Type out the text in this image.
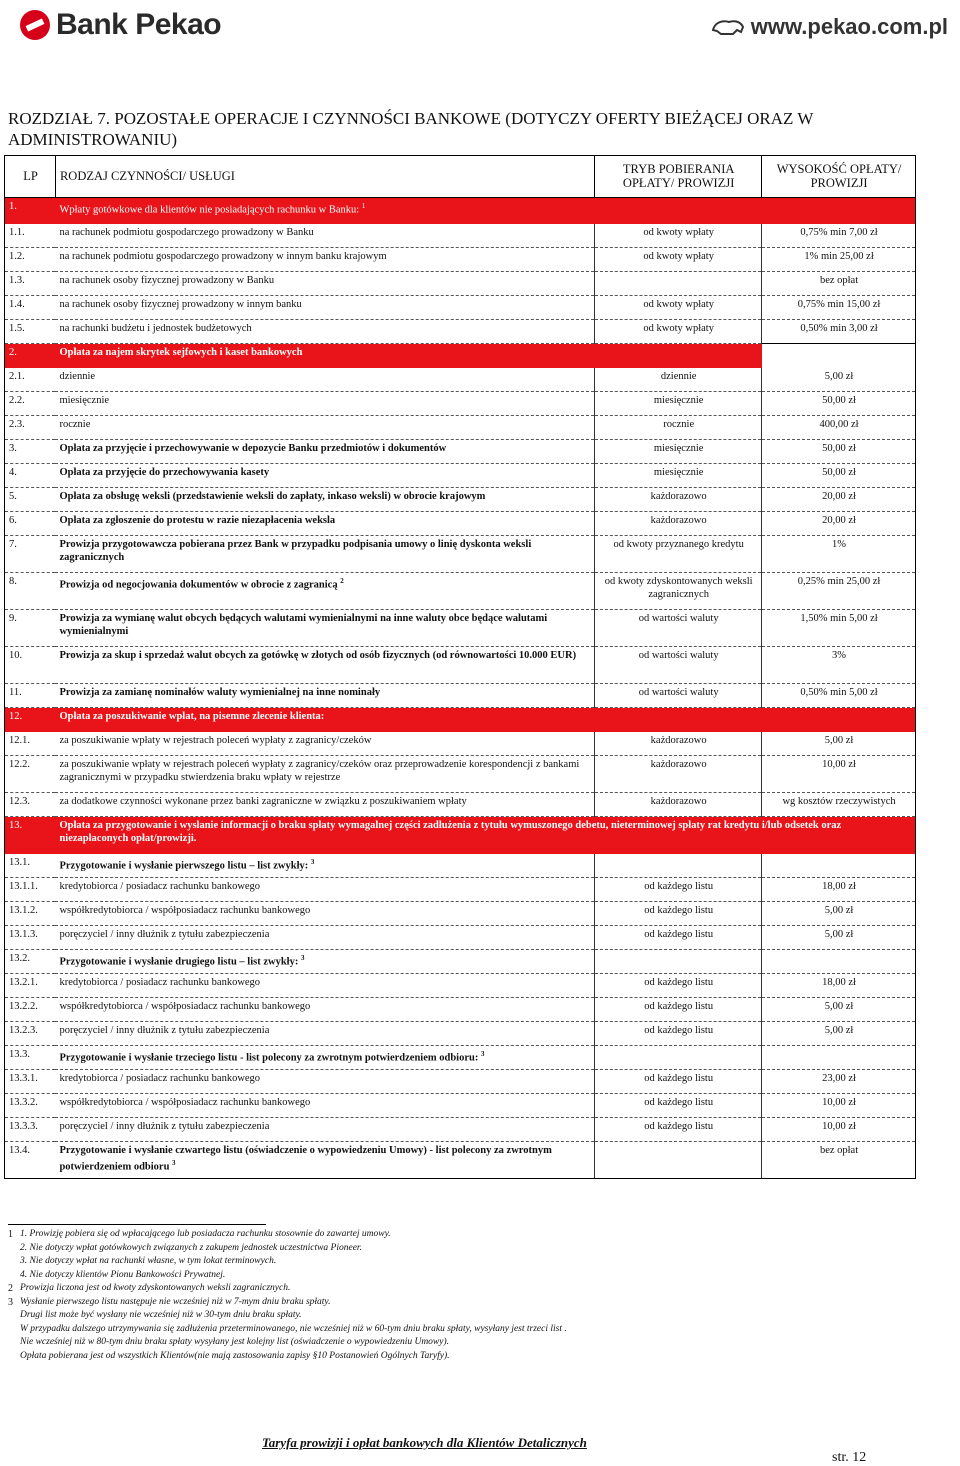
Bank Pekao	www.pekao.com.pl
ROZDZIAŁ 7. POZOSTAŁE OPERACJE I CZYNNOŚCI BANKOWE (DOTYCZY OFERTY BIEŻĄCEJ ORAZ W ADMINISTROWANIU)
LP	RODZAJ CZYNNOŚCI/ USŁUGI	TRYB POBIERANIA OPŁATY/ PROWIZJI	WYSOKOŚĆ OPŁATY/ PROWIZJI
1.	Wpłaty gotówkowe dla klientów nie posiadających rachunku w Banku: $^1$		
1.1.	na rachunek podmiotu gospodarczego prowadzony w Banku	od kwoty wpłaty	0,75% min 7,00 zł
1.2.	na rachunek podmiotu gospodarczego prowadzony w innym banku krajowym	od kwoty wpłaty	1% min 25,00 zł
1.3.	na rachunek osoby fizycznej prowadzony w Banku		bez opłat
1.4.	na rachunek osoby fizycznej prowadzony w innym banku	od kwoty wpłaty	0,75% min 15,00 zł
1.5.	na rachunki budżetu i jednostek budżetowych	od kwoty wpłaty	0,50% min 3,00 zł
2.	Opłata za najem skrytek sejfowych i kaset bankowych		
2.1.	dziennie	dziennie	5,00 zł
2.2.	miesięcznie	miesięcznie	50,00 zł
2.3.	rocznie	rocznie	400,00 zł
3.	Opłata za przyjęcie i przechowywanie w depozycie Banku przedmiotów i dokumentów	miesięcznie	50,00 zł
4.	Opłata za przyjęcie do przechowywania kasety	miesięcznie	50,00 zł
5.	Opłata za obsługę weksli (przedstawienie weksli do zapłaty, inkaso weksli) w obrocie krajowym	każdorazowo	20,00 zł
6.	Opłata za zgłoszenie do protestu w razie niezapłacenia weksla	każdorazowo	20,00 zł
7.	Prowizja przygotowawcza pobierana przez Bank w przypadku podpisania umowy o linię dyskonta weksli zagranicznych	od kwoty przyznanego kredytu	1%
8.	Prowizja od negocjowania dokumentów w obrocie z zagranicą $^2$	od kwoty zdyskontowanych weksli zagranicznych	0,25% min 25,00 zł
9.	Prowizja za wymianę walut obcych będących walutami wymienialnymi na inne waluty obce będące walutami wymienialnymi	od wartości waluty	1,50% min 5,00 zł
10.	Prowizja za skup i sprzedaż walut obcych za gotówkę w złotych od osób fizycznych (od równowartości 10.000 EUR)	od wartości waluty	3%
11.	Prowizja za zamianę nominałów waluty wymienialnej na inne nominały	od wartości waluty	0,50% min 5,00 zł
12.	Opłata za poszukiwanie wpłat, na pisemne zlecenie klienta:		
12.1.	za poszukiwanie wpłaty w rejestrach poleceń wypłaty z zagranicy/czeków	każdorazowo	5,00 zł
12.2.	za poszukiwanie wpłaty w rejestrach poleceń wypłaty z zagranicy/czeków oraz przeprowadzenie korespondencji z bankami zagranicznymi w przypadku stwierdzenia braku wpłaty w rejestrze	każdorazowo	10,00 zł
12.3.	za dodatkowe czynności wykonane przez banki zagraniczne w związku z poszukiwaniem wpłaty	każdorazowo	wg kosztów rzeczywistych
13.	Opłata za przygotowanie i wysłanie informacji o braku spłaty wymagalnej części zadłużenia z tytułu wymuszonego debetu, nieterminowej spłaty rat kredytu i/lub odsetek oraz niezapłaconych opłat/prowizji.		
13.1.	Przygotowanie i wysłanie pierwszego listu – list zwykły: $^3$		
13.1.1.	kredytobiorca / posiadacz rachunku bankowego	od każdego listu	18,00 zł
13.1.2.	współkredytobiorca / współposiadacz rachunku bankowego	od każdego listu	5,00 zł
13.1.3.	poręczyciel / inny dłużnik z tytułu zabezpieczenia	od każdego listu	5,00 zł
13.2.	Przygotowanie i wysłanie drugiego listu – list zwykły: $^3$		
13.2.1.	kredytobiorca / posiadacz rachunku bankowego	od każdego listu	18,00 zł
13.2.2.	współkredytobiorca / współposiadacz rachunku bankowego	od każdego listu	5,00 zł
13.2.3.	poręczyciel / inny dłużnik z tytułu zabezpieczenia	od każdego listu	5,00 zł
13.3.	Przygotowanie i wysłanie trzeciego listu - list polecony za zwrotnym potwierdzeniem odbioru: $^3$		
13.3.1.	kredytobiorca / posiadacz rachunku bankowego	od każdego listu	23,00 zł
13.3.2.	współkredytobiorca / współposiadacz rachunku bankowego	od każdego listu	10,00 zł
13.3.3.	poręczyciel / inny dłużnik z tytułu zabezpieczenia	od każdego listu	10,00 zł
13.4.	Przygotowanie i wysłanie czwartego listu (oświadczenie o wypowiedzeniu Umowy) - list polecony za zwrotnym potwierdzeniem odbioru $^3$		bez opłat
1 1. Prowizję pobiera się od wpłacającego lub posiadacza rachunku stosownie do zawartej umowy.
2. Nie dotyczy wpłat gotówkowych związanych z zakupem jednostek uczestnictwa Pioneer.
3. Nie dotyczy wpłat na rachunki własne, w tym lokat terminowych.
4. Nie dotyczy klientów Pionu Bankowości Prywatnej.
2 Prowizja liczona jest od kwoty zdyskontowanych weksli zagranicznych.
3 Wysłanie pierwszego listu następuje nie wcześniej niż w 7-mym dniu braku spłaty.
Drugi list może być wysłany nie wcześniej niż w 30-tym dniu braku spłaty.
W przypadku dalszego utrzymywania się zadłużenia przeterminowanego, nie wcześniej niż w 60-tym dniu braku spłaty, wysyłany jest trzeci list .
Nie wcześniej niż w 80-tym dniu braku spłaty wysyłany jest kolejny list (oświadczenie o wypowiedzeniu Umowy).
Opłata pobierana jest od wszystkich Klientów(nie mają zastosowania zapisy §10 Postanowień Ogólnych Taryfy).
Taryfa prowizji i opłat bankowych dla Klientów Detalicznych
str. 12
